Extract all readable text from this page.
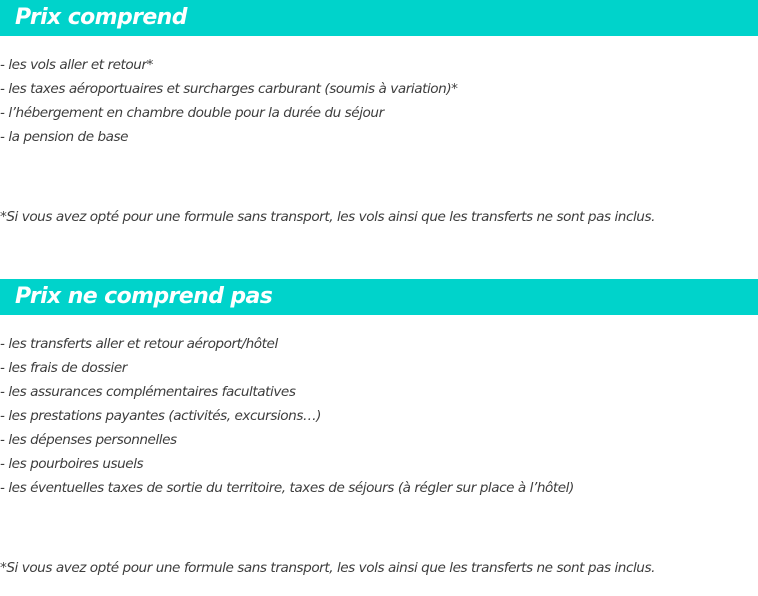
Prix comprend
- les vols aller et retour*
- les taxes aéroportuaires et surcharges carburant (soumis à variation)*
- l’hébergement en chambre double pour la durée du séjour
- la pension de base

*Si vous avez opté pour une formule sans transport, les vols ainsi que les transferts ne sont pas inclus.

Prix ne comprend pas
- les transferts aller et retour aéroport/hôtel
- les frais de dossier
- les assurances complémentaires facultatives
- les prestations payantes (activités, excursions…)
- les dépenses personnelles
- les pourboires usuels
- les éventuelles taxes de sortie du territoire, taxes de séjours (à régler sur place à l’hôtel)

*Si vous avez opté pour une formule sans transport, les vols ainsi que les transferts ne sont pas inclus.
